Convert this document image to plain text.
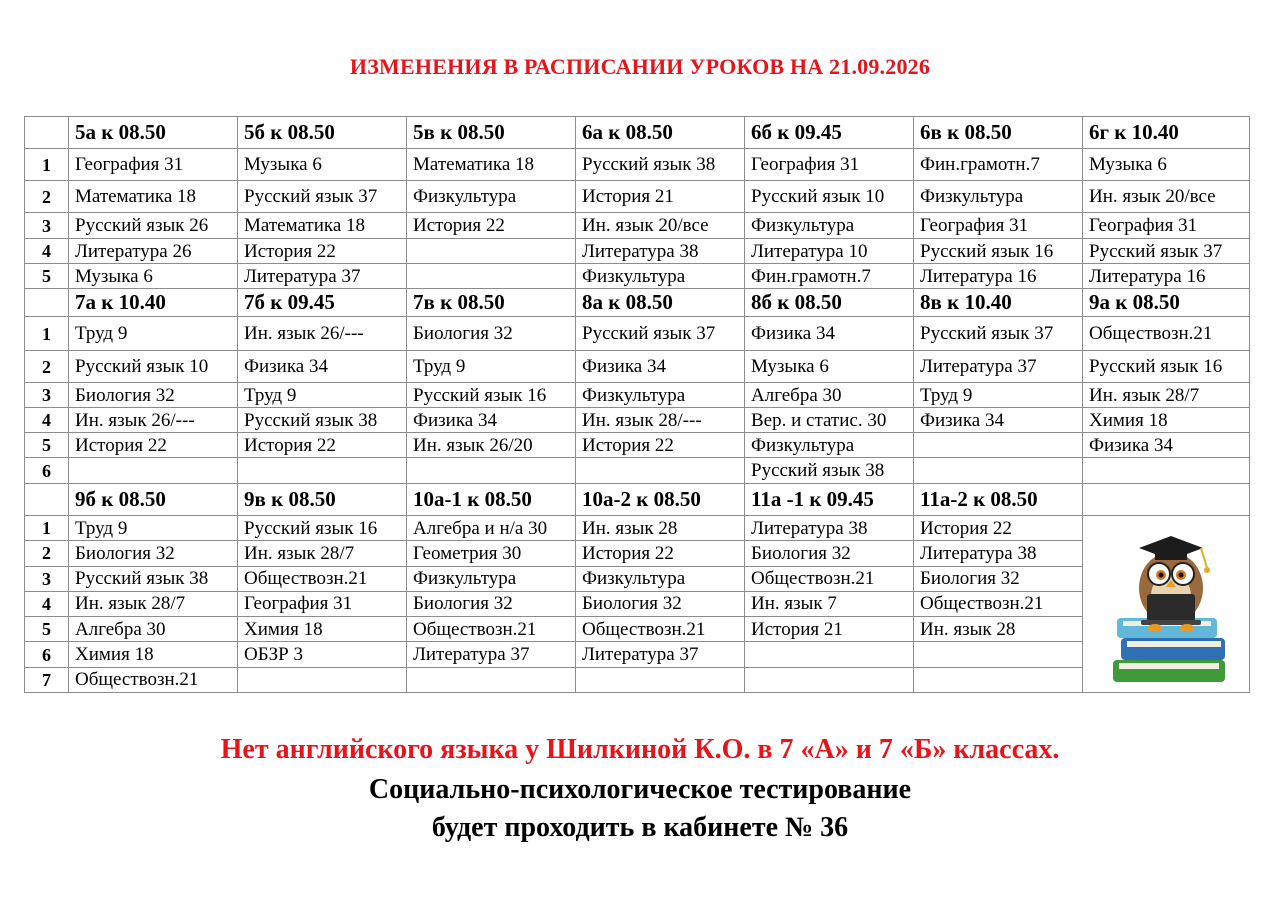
ИЗМЕНЕНИЯ В РАСПИСАНИИ УРОКОВ НА 21.09.2026
	5а к 08.50	5б к 08.50	5в к 08.50	6а к 08.50	6б к 09.45	6в к 08.50	6г к 10.40
1	География 31	Музыка 6	Математика 18	Русский язык 38	География 31	Фин.грамотн.7	Музыка 6
2	Математика 18	Русский язык 37	Физкультура	История 21	Русский язык 10	Физкультура	Ин. язык 20/все
3	Русский язык 26	Математика 18	История 22	Ин. язык 20/все	Физкультура	География 31	География 31
4	Литература 26	История 22		Литература 38	Литература 10	Русский язык 16	Русский язык 37
5	Музыка 6	Литература 37		Физкультура	Фин.грамотн.7	Литература 16	Литература 16
	7а к 10.40	7б к 09.45	7в к 08.50	8а к 08.50	8б к 08.50	8в к 10.40	9а к 08.50
1	Труд 9	Ин. язык 26/---	Биология 32	Русский язык 37	Физика 34	Русский язык 37	Обществозн.21
2	Русский язык 10	Физика 34	Труд 9	Физика 34	Музыка 6	Литература 37	Русский язык 16
3	Биология 32	Труд 9	Русский язык 16	Физкультура	Алгебра 30	Труд 9	Ин. язык 28/7
4	Ин. язык 26/---	Русский язык 38	Физика 34	Ин. язык 28/---	Вер. и статис. 30	Физика 34	Химия 18
5	История 22	История 22	Ин. язык 26/20	История 22	Физкультура		Физика 34
6					Русский язык 38		
	9б к 08.50	9в к 08.50	10а-1 к 08.50	10а-2 к 08.50	11а -1 к 09.45	11а-2 к 08.50	
1	Труд 9	Русский язык 16	Алгебра и н/а 30	Ин. язык 28	Литература 38	История 22	

2	Биология 32	Ин. язык 28/7	Геометрия 30	История 22	Биология 32	Литература 38	
3	Русский язык 38	Обществозн.21	Физкультура	Физкультура	Обществозн.21	Биология 32	
4	Ин. язык 28/7	География 31	Биология 32	Биология 32	Ин. язык 7	Обществозн.21	
5	Алгебра 30	Химия 18	Обществозн.21	Обществозн.21	История 21	Ин. язык 28	
6	Химия 18	ОБЗР 3	Литература 37	Литература 37			
7	Обществозн.21						
Нет английского языка у Шилкиной К.О. в 7 «А» и 7 «Б» классах.
Социально-психологическое тестирование
будет проходить в кабинете № 36
